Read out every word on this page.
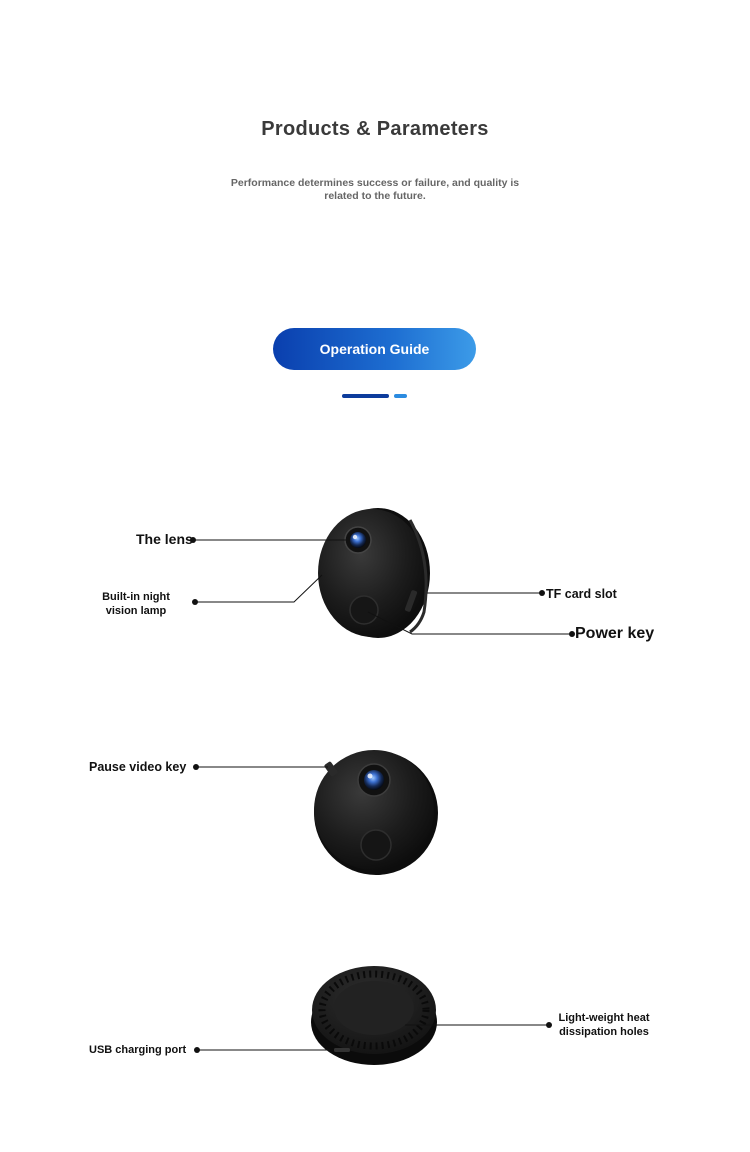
Products & Parameters
Performance determines success or failure, and quality is related to the future.
Operation Guide
The lens
Built-in night vision lamp
TF card slot
Power key
Pause video key
Light-weight heat dissipation holes
USB charging port
